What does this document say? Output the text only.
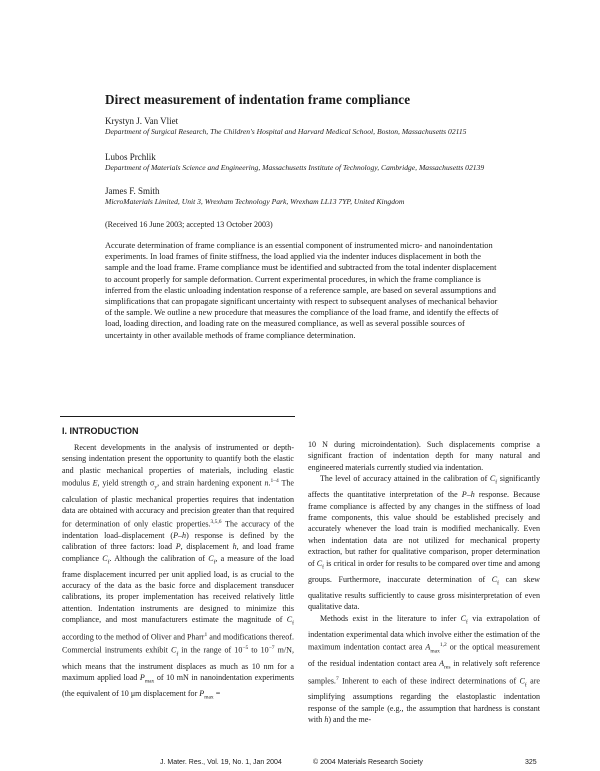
Direct measurement of indentation frame compliance
Krystyn J. Van Vliet
Department of Surgical Research, The Children's Hospital and Harvard Medical School, Boston, Massachusetts 02115
Lubos Prchlik
Department of Materials Science and Engineering, Massachusetts Institute of Technology, Cambridge, Massachusetts 02139
James F. Smith
MicroMaterials Limited, Unit 3, Wrexham Technology Park, Wrexham LL13 7YP, United Kingdom
(Received 16 June 2003; accepted 13 October 2003)

Accurate determination of frame compliance is an essential component of instrumented micro- and nanoindentation experiments. In load frames of finite stiffness, the load applied via the indenter induces displacement in both the sample and the load frame. Frame compliance must be identified and subtracted from the total indenter displacement to account properly for sample deformation. Current experimental procedures, in which the frame compliance is inferred from the elastic unloading indentation response of a reference sample, are based on several assumptions and simplifications that can propagate significant uncertainty with respect to subsequent analyses of mechanical behavior of the sample. We outline a new procedure that measures the compliance of the load frame, and identify the effects of load, loading direction, and loading rate on the measured compliance, as well as several possible sources of uncertainty in other available methods of frame compliance determination.

I. INTRODUCTION

Recent developments in the analysis of instrumented or depth-sensing indentation present the opportunity to quantify both the elastic and plastic mechanical properties of materials, including elastic modulus E, yield strength $\sigma_y$, and strain hardening exponent n.$^{1-4}$ The calculation of plastic mechanical properties requires that indentation data are obtained with accuracy and precision greater than that required for determination of only elastic properties.$^{3,5,6}$ The accuracy of the indentation load–displacement (P–h) response is defined by the calibration of three factors: load P, displacement h, and load frame compliance $C_f$. Although the calibration of $C_f$, a measure of the load frame displacement incurred per unit applied load, is as crucial to the accuracy of the data as the basic force and displacement transducer calibrations, its proper implementation has received relatively little attention. Indentation instruments are designed to minimize this compliance, and most manufacturers estimate the magnitude of $C_f$ according to the method of Oliver and Pharr$^1$ and modifications thereof. Commercial instruments exhibit $C_f$ in the range of $10^{-5}$ to $10^{-7}$ m/N, which means that the instrument displaces as much as 10 nm for a maximum applied load $P_{max}$ of 10 mN in nanoindentation experiments (the equivalent of 10 μm displacement for $P_{max}$ =

10 N during microindentation). Such displacements comprise a significant fraction of indentation depth for many natural and engineered materials currently studied via indentation.

The level of accuracy attained in the calibration of $C_f$ significantly affects the quantitative interpretation of the P–h response. Because frame compliance is affected by any changes in the stiffness of load frame components, this value should be established precisely and accurately whenever the load train is modified mechanically. Even when indentation data are not utilized for mechanical property extraction, but rather for qualitative comparison, proper determination of $C_f$ is critical in order for results to be compared over time and among groups. Furthermore, inaccurate determination of $C_f$ can skew qualitative results sufficiently to cause gross misinterpretation of even qualitative data.

Methods exist in the literature to infer $C_f$ via extrapolation of indentation experimental data which involve either the estimation of the maximum indentation contact area $A_{max}^{1,2}$ or the optical measurement of the residual indentation contact area $A_{res}$ in relatively soft reference samples.$^7$ Inherent to each of these indirect determinations of $C_f$ are simplifying assumptions regarding the elastoplastic indentation response of the sample (e.g., the assumption that hardness is constant with h) and the me-

J. Mater. Res., Vol. 19, No. 1, Jan 2004	© 2004 Materials Research Society	325
